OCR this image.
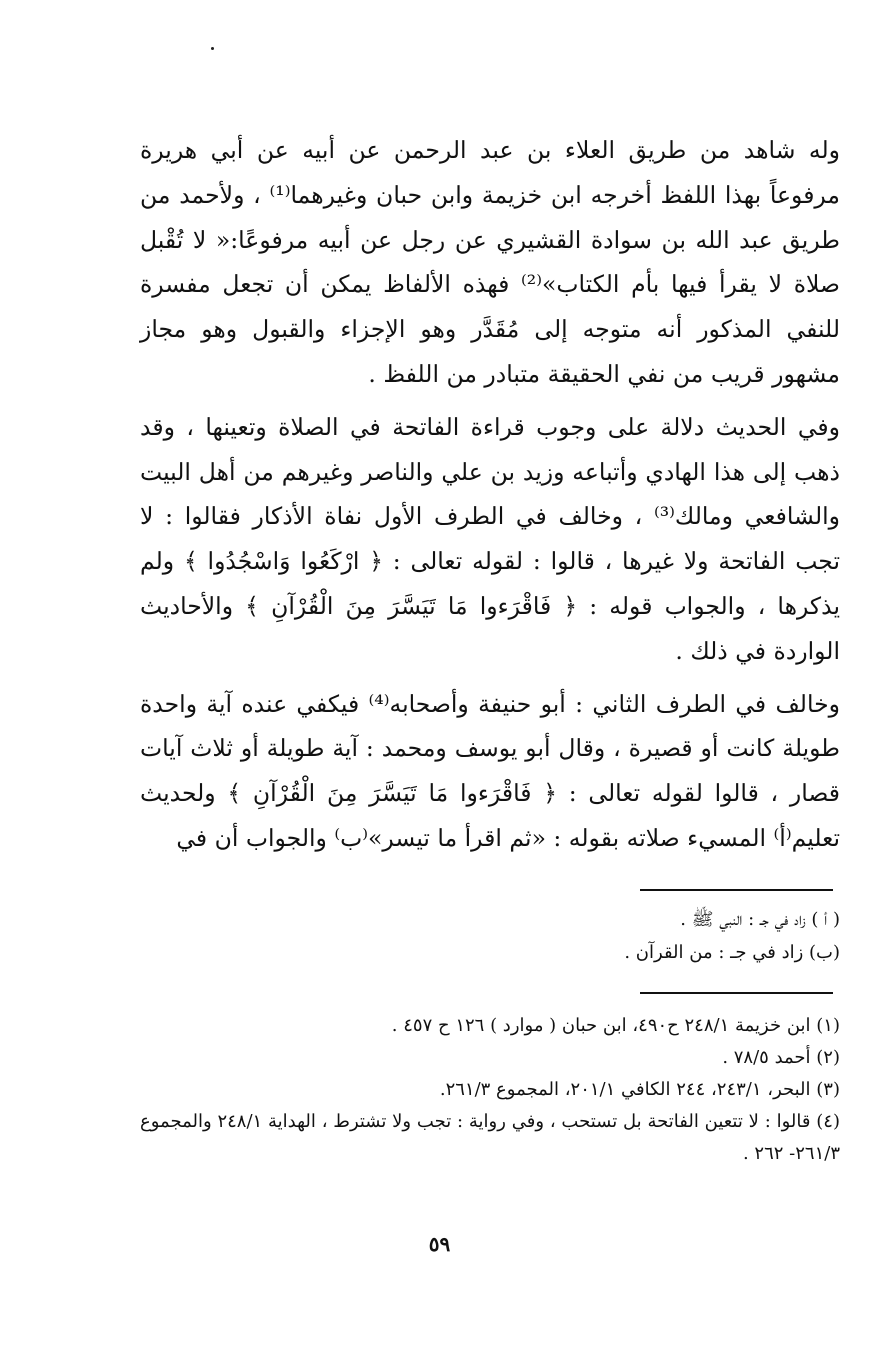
وله شاهد من طريق العلاء بن عبد الرحمن عن أبيه عن أبي هريرة مرفوعاً بهذا اللفظ أخرجه ابن خزيمة وابن حبان وغيرهما⁽¹⁾ ، ولأحمد من طريق عبد الله بن سوادة القشيري عن رجل عن أبيه مرفوعًا:« لا تُقْبل صلاة لا يقرأ فيها بأم الكتاب»⁽²⁾ فهذه الألفاظ يمكن أن تجعل مفسرة للنفي المذكور أنه متوجه إلى مُقَدَّر وهو الإجزاء والقبول وهو مجاز مشهور قريب من نفي الحقيقة متبادر من اللفظ .

وفي الحديث دلالة على وجوب قراءة الفاتحة في الصلاة وتعينها ، وقد ذهب إلى هذا الهادي وأتباعه وزيد بن علي والناصر وغيرهم من أهل البيت والشافعي ومالك⁽³⁾ ، وخالف في الطرف الأول نفاة الأذكار فقالوا : لا تجب الفاتحة ولا غيرها ، قالوا : لقوله تعالى : ﴿ ارْكَعُوا وَاسْجُدُوا ﴾ ولم يذكرها ، والجواب قوله : ﴿ فَاقْرَءوا مَا تَيَسَّرَ مِنَ الْقُرْآنِ ﴾ والأحاديث الواردة في ذلك .

وخالف في الطرف الثاني : أبو حنيفة وأصحابه⁽⁴⁾ فيكفي عنده آية واحدة طويلة كانت أو قصيرة ، وقال أبو يوسف ومحمد : آية طويلة أو ثلاث آيات قصار ، قالوا لقوله تعالى : ﴿ فَاقْرَءوا مَا تَيَسَّرَ مِنَ الْقُرْآنِ ﴾ ولحديث تعليم⁽أ⁾ المسيء صلاته بقوله : «ثم اقرأ ما تيسر»⁽ب⁾ والجواب أن في

( أ ) زاد في جـ : النبي ﷺ .
(ب) زاد في جـ : من القرآن .
(١) ابن خزيمة ٢٤٨/١ ح٤٩٠، ابن حبان ( موارد ) ١٢٦ ح ٤٥٧ .
(٢) أحمد ٧٨/٥ .
(٣) البحر، ٢٤٣/١، ٢٤٤ الكافي ٢٠١/١، المجموع ٢٦١/٣.
(٤) قالوا : لا تتعين الفاتحة بل تستحب ، وفي رواية : تجب ولا تشترط ، الهداية ٢٤٨/١ والمجموع ٢٦١/٣- ٢٦٢ .
٥٩
